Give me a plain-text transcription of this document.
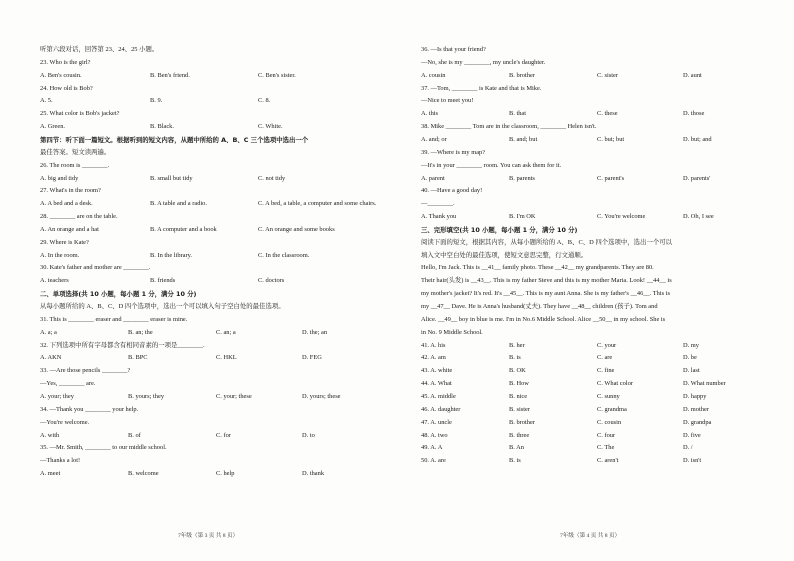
听第六段对话，回答第 23、24、25 小题。
23. Who is the girl?
A. Ben's cousin.	B. Ben's friend.	C. Ben's sister.
24. How old is Bob?
A. 5.	B. 9.	C. 8.
25. What color is Bob's jacket?
A. Green.	B. Black.	C. White.
第四节：听下面一篇短文。根据听到的短文内容，从题中所给的 A、B、C 三个选项中选出一个
最佳答案。短文读两遍。
26. The room is ________.
A. big and tidy	B. small but tidy	C. not tidy
27. What's in the room?
A. A bed and a desk.	B. A table and a radio.	C. A bed, a table, a computer and some chairs.
28. ________ are on the table.
A. An orange and a hat	B. A computer and a book	C. An orange and some books
29. Where is Kate?
A. In the room.	B. In the library.	C. In the classroom.
30. Kate's father and mother are ________.
A. teachers	B. friends	C. doctors
二、单项选择(共 10 小题，每小题 1 分，满分 10 分)
从每小题所给的 A、B、C、D 四个选项中，选出一个可以填入句子空白处的最佳选项。
31. This is ________ eraser and ________ eraser is mine.
A. a; a	B. an; the	C. an; a	D. the; an
32. 下列选项中所有字母都含有相同音素的一项是________.
A. AKN	B. BPC	C. HKL	D. FEG
33. —Are those pencils ________?
—Yes, ________ are.
A. your; they	B. yours; they	C. your; these	D. yours; these
34. —Thank you ________ your help.
—You're welcome.
A. with	B. of	C. for	D. to
35. —Mr. Smith, ________ to our middle school.
—Thanks a lot!
A. meet	B. welcome	C. help	D. thank
36. —Is that your friend?
—No, she is my ________, my uncle's daughter.
A. cousin	B. brother	C. sister	D. aunt
37. —Tom, ________ is Kate and that is Mike.
—Nice to meet you!
A. this	B. that	C. these	D. those
38. Mike ________ Tom are in the classroom, ________ Helen isn't.
A. and; or	B. and; but	C. but; but	D. but; and
39. —Where is my map?
—It's in your ________ room. You can ask them for it.
A. parent	B. parents	C. parent's	D. parents'
40. —Have a good day!
—________.
A. Thank you	B. I'm OK	C. You're welcome	D. Oh, I see
三、完形填空(共 10 小题，每小题 1 分，满分 10 分)
阅读下面的短文，根据其内容，从每小题所给的 A、B、C、D 四个选项中，选出一个可以
填入文中空白处的最佳选项，使短文意思完整，行文通顺。
Hello, I'm Jack. This is __41__ family photo. These __42__ my grandparents. They are 80.
Their hair(头发) is __43__. This is my father Steve and this is my mother Maria. Look! __44__ is
my mother's jacket? It's red. It's __45__. This is my aunt Anna. She is my father's __46__. This is
my __47__ Dave. He is Anna's husband(丈夫). They have __48__ children (孩子). Tom and
Alice. __49__ boy in blue is me. I'm in No.6 Middle School. Alice __50__ in my school. She is
in No. 9 Middle School.
41. A. his	B. her	C. your	D. my
42. A. am	B. is	C. are	D. be
43. A. white	B. OK	C. fine	D. last
44. A. What	B. How	C. What color	D. What number
45. A. middle	B. nice	C. sunny	D. happy
46. A. daughter	B. sister	C. grandma	D. mother
47. A. uncle	B. brother	C. cousin	D. grandpa
48. A. two	B. three	C. four	D. five
49. A. A	B. An	C. The	D. /
50. A. are	B. is	C. aren't	D. isn't
7年级（第 3 页 共 8 页）	7年级（第 4 页 共 8 页）
